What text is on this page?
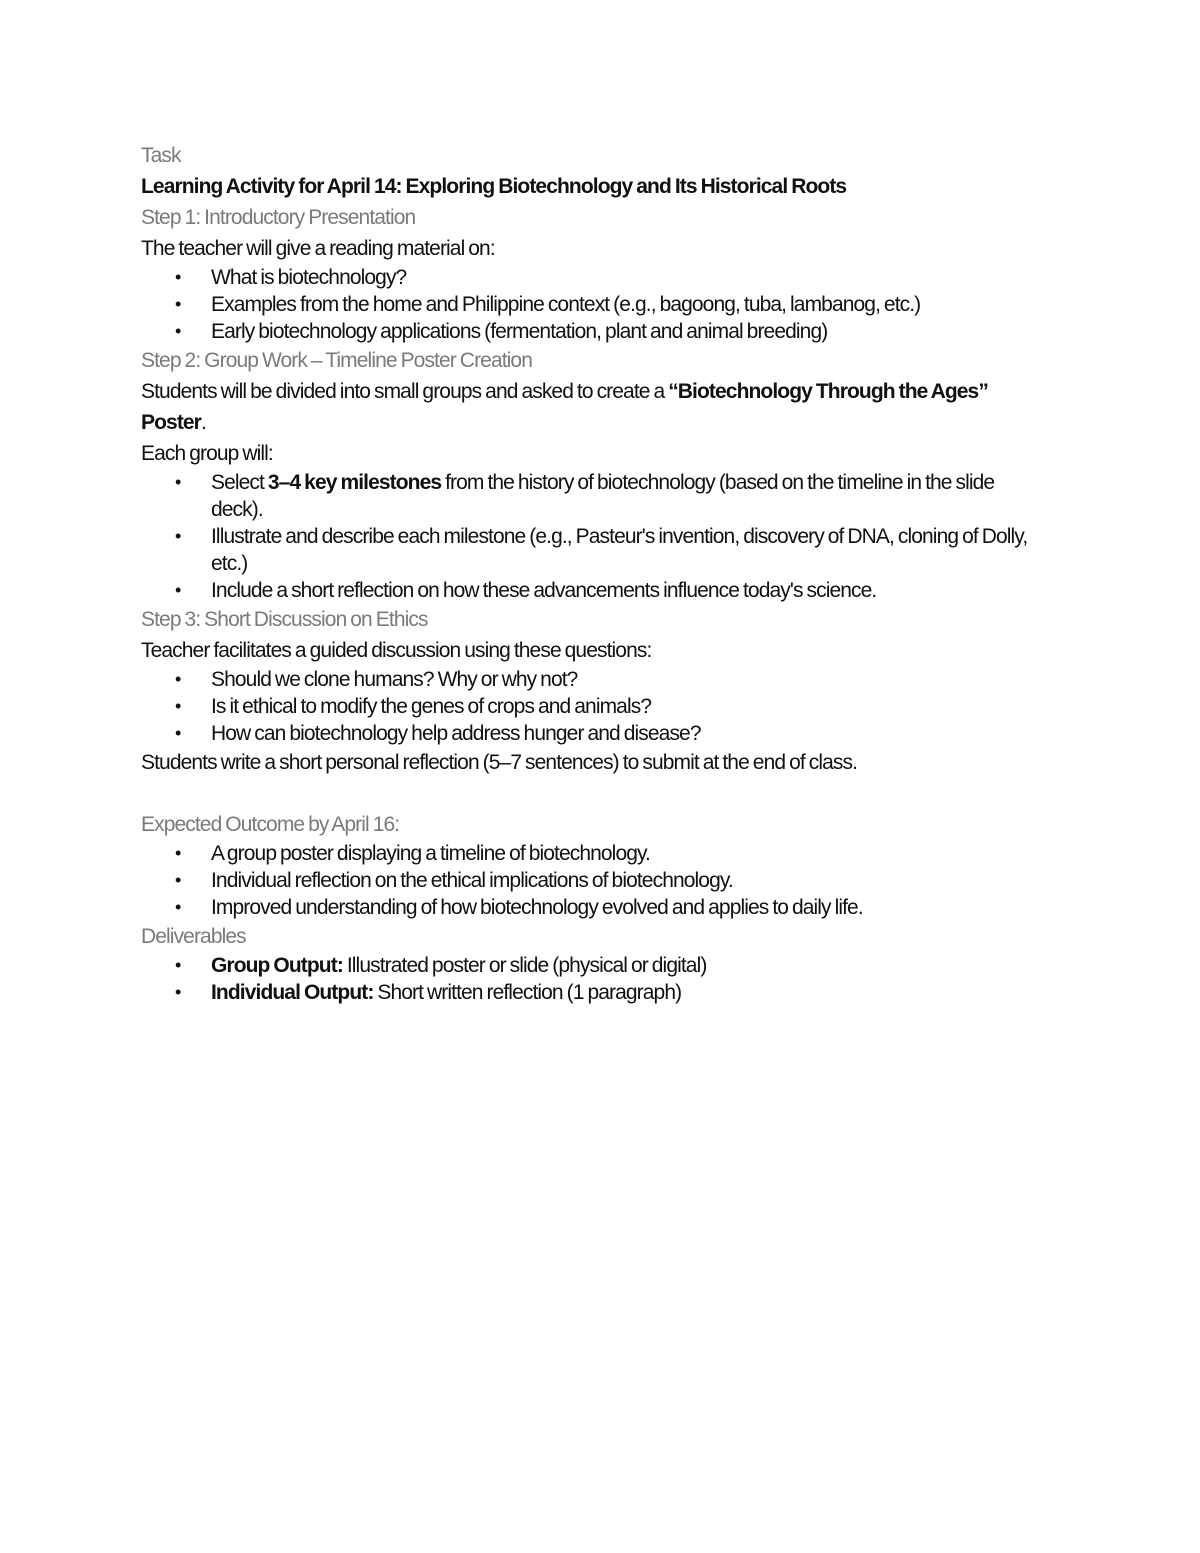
Task
Learning Activity for April 14: Exploring Biotechnology and Its Historical Roots
Step 1: Introductory Presentation
The teacher will give a reading material on:
• What is biotechnology?
• Examples from the home and Philippine context (e.g., bagoong, tuba, lambanog, etc.)
• Early biotechnology applications (fermentation, plant and animal breeding)
Step 2: Group Work – Timeline Poster Creation
Students will be divided into small groups and asked to create a “Biotechnology Through the Ages”
Poster.
Each group will:
• Select 3–4 key milestones from the history of biotechnology (based on the timeline in the slide deck).
• Illustrate and describe each milestone (e.g., Pasteur's invention, discovery of DNA, cloning of Dolly, etc.)
• Include a short reflection on how these advancements influence today's science.
Step 3: Short Discussion on Ethics
Teacher facilitates a guided discussion using these questions:
• Should we clone humans? Why or why not?
• Is it ethical to modify the genes of crops and animals?
• How can biotechnology help address hunger and disease?
Students write a short personal reflection (5–7 sentences) to submit at the end of class.
Expected Outcome by April 16:
• A group poster displaying a timeline of biotechnology.
• Individual reflection on the ethical implications of biotechnology.
• Improved understanding of how biotechnology evolved and applies to daily life.
Deliverables
• Group Output: Illustrated poster or slide (physical or digital)
• Individual Output: Short written reflection (1 paragraph)
